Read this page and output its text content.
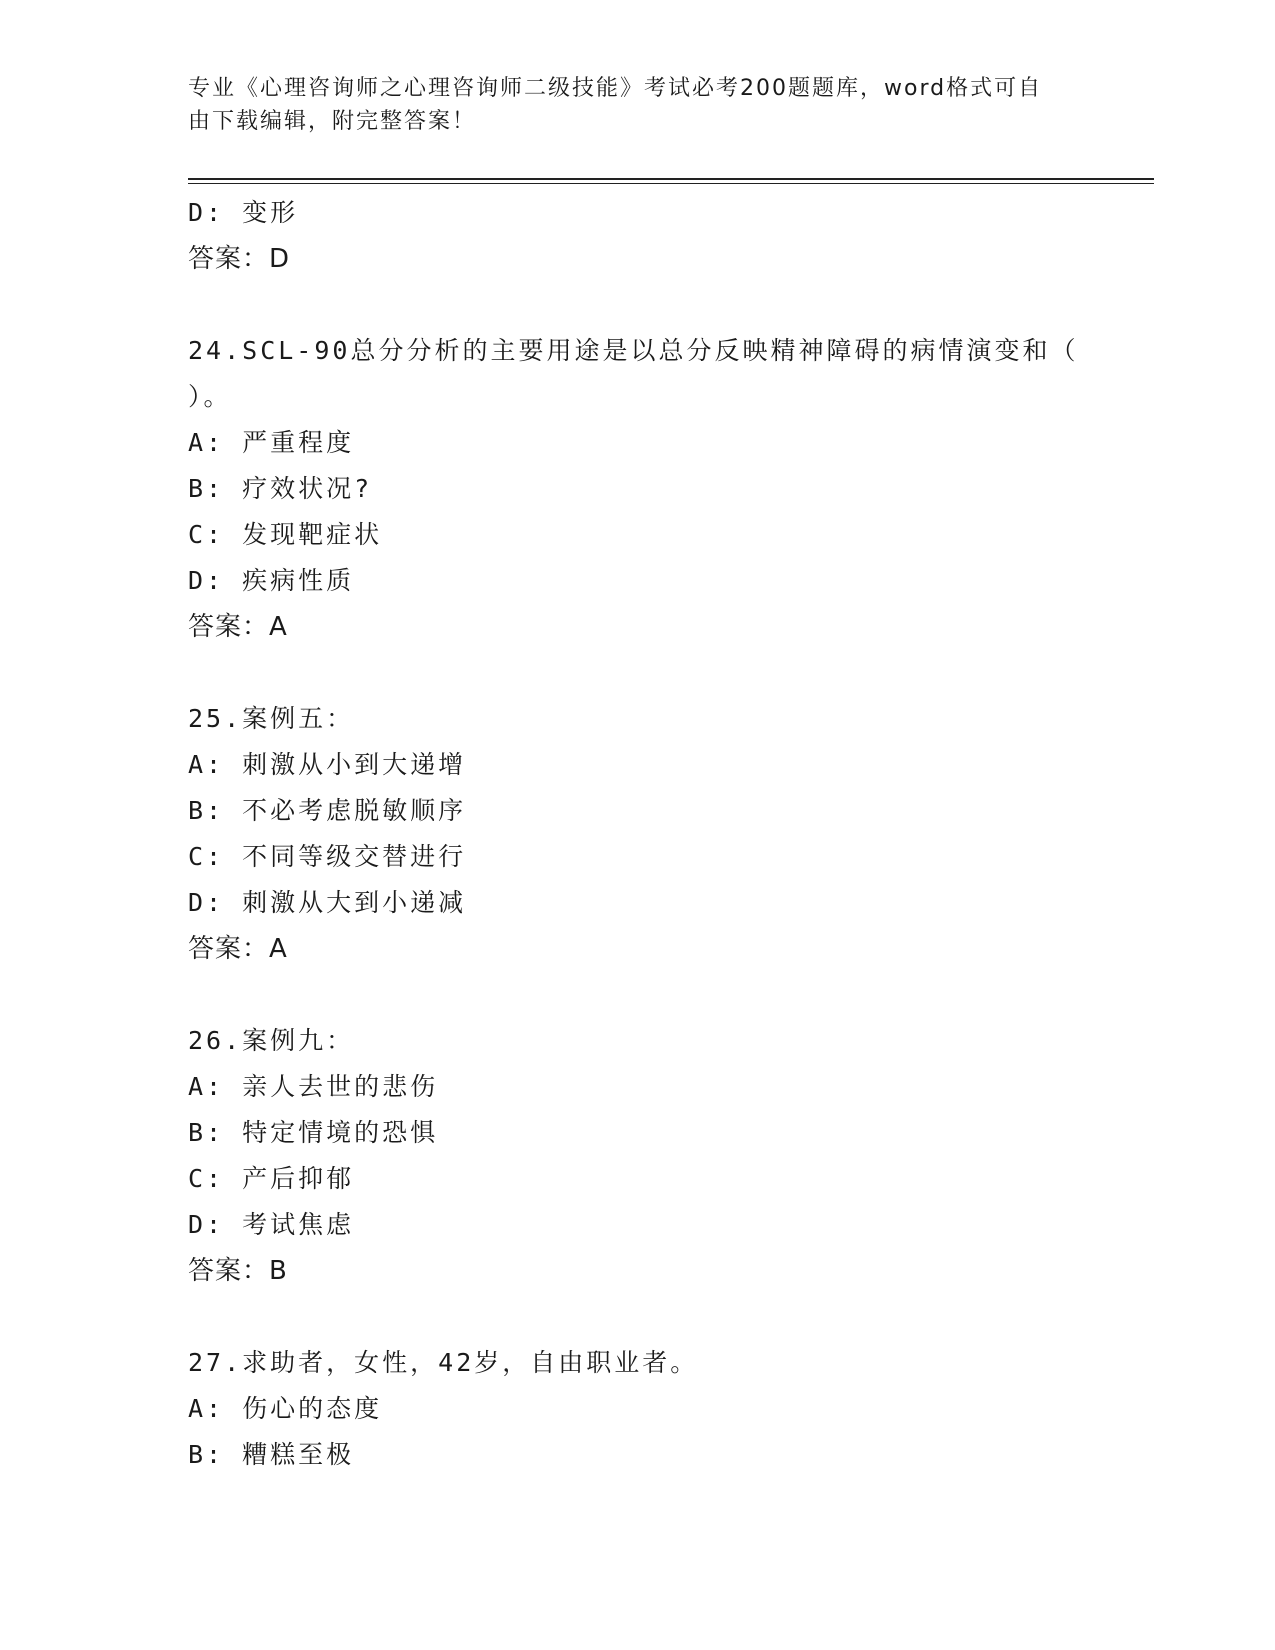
专业《心理咨询师之心理咨询师二级技能》考试必考200题题库，word格式可自
由下载编辑，附完整答案！
D: 变形
答案：D
24.SCL-90总分分析的主要用途是以总分反映精神障碍的病情演变和（
）。
A: 严重程度
B: 疗效状况?
C: 发现靶症状
D: 疾病性质
答案：A
25.案例五：
A: 刺激从小到大递增
B: 不必考虑脱敏顺序
C: 不同等级交替进行
D: 刺激从大到小递减
答案：A
26.案例九：
A: 亲人去世的悲伤
B: 特定情境的恐惧
C: 产后抑郁
D: 考试焦虑
答案：B
27.求助者，女性，42岁，自由职业者。
A: 伤心的态度
B: 糟糕至极
